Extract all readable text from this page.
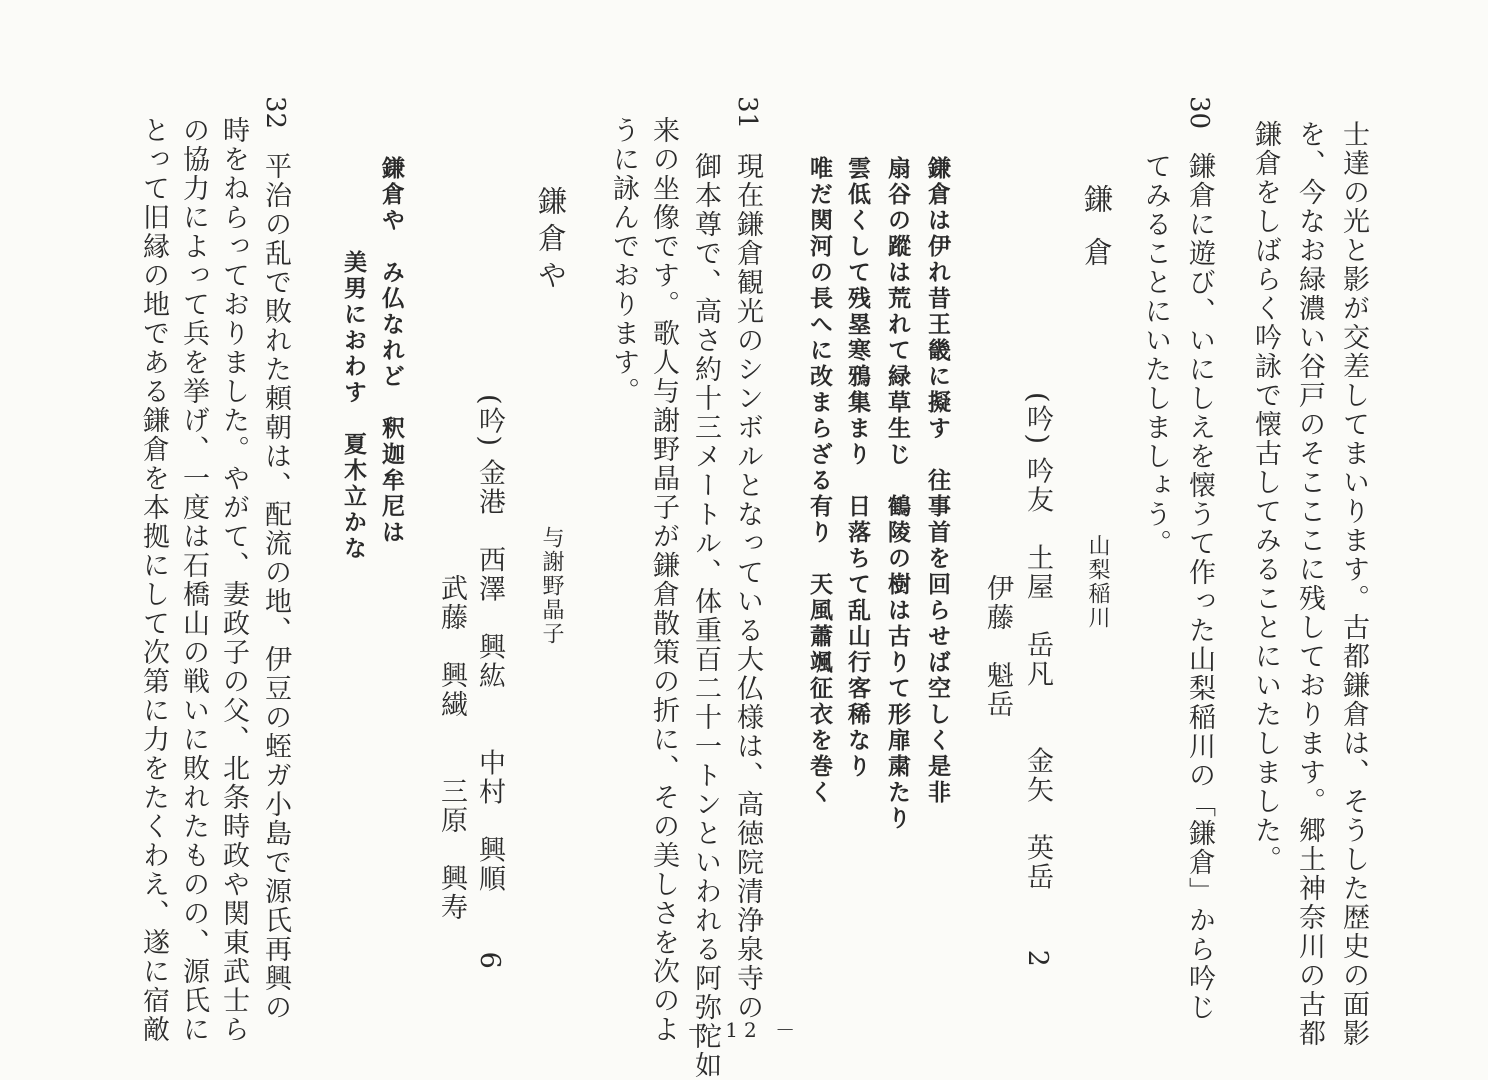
士達の光と影が交差してまいります。古都鎌倉は、そうした歴史の面影
を、今なお緑濃い谷戸のそこここに残しております。郷土神奈川の古都
鎌倉をしばらく吟詠で懐古してみることにいたしました。
30
鎌倉に遊び、いにしえを懐うて作った山梨稲川の「鎌倉」から吟じ
てみることにいたしましょう。
鎌倉
山梨稲川
(吟) 吟友　土屋　岳凡　　金矢　英岳　　2
伊藤　魁岳
鎌倉は伊れ昔王畿に擬す　往事首を回らせば空しく是非
扇谷の蹤は荒れて緑草生じ　鶴陵の樹は古りて形扉粛たり
雲低くして残塁寒鴉集まり　日落ちて乱山行客稀なり
唯だ関河の長へに改まらざる有り　天風蕭颯征衣を巻く
31
現在鎌倉観光のシンボルとなっている大仏様は、高徳院清浄泉寺の
御本尊で、高さ約十三メートル、体重百二十一トンといわれる阿弥陀如
来の坐像です。歌人与謝野晶子が鎌倉散策の折に、その美しさを次のよ
うに詠んでおります。
鎌倉や
与謝野晶子
(吟) 金港　西澤　興紘　　中村　興順　　6
武藤　興繊　　三原　興寿
鎌倉や　み仏なれど　釈迦牟尼は
美男におわす　夏木立かな
32
平治の乱で敗れた頼朝は、配流の地、伊豆の蛭ガ小島で源氏再興の
時をねらっておりました。やがて、妻政子の父、北条時政や関東武士ら
の協力によって兵を挙げ、一度は石橋山の戦いに敗れたものの、源氏に
とって旧縁の地である鎌倉を本拠にして次第に力をたくわえ、遂に宿敵	－ 12 －
